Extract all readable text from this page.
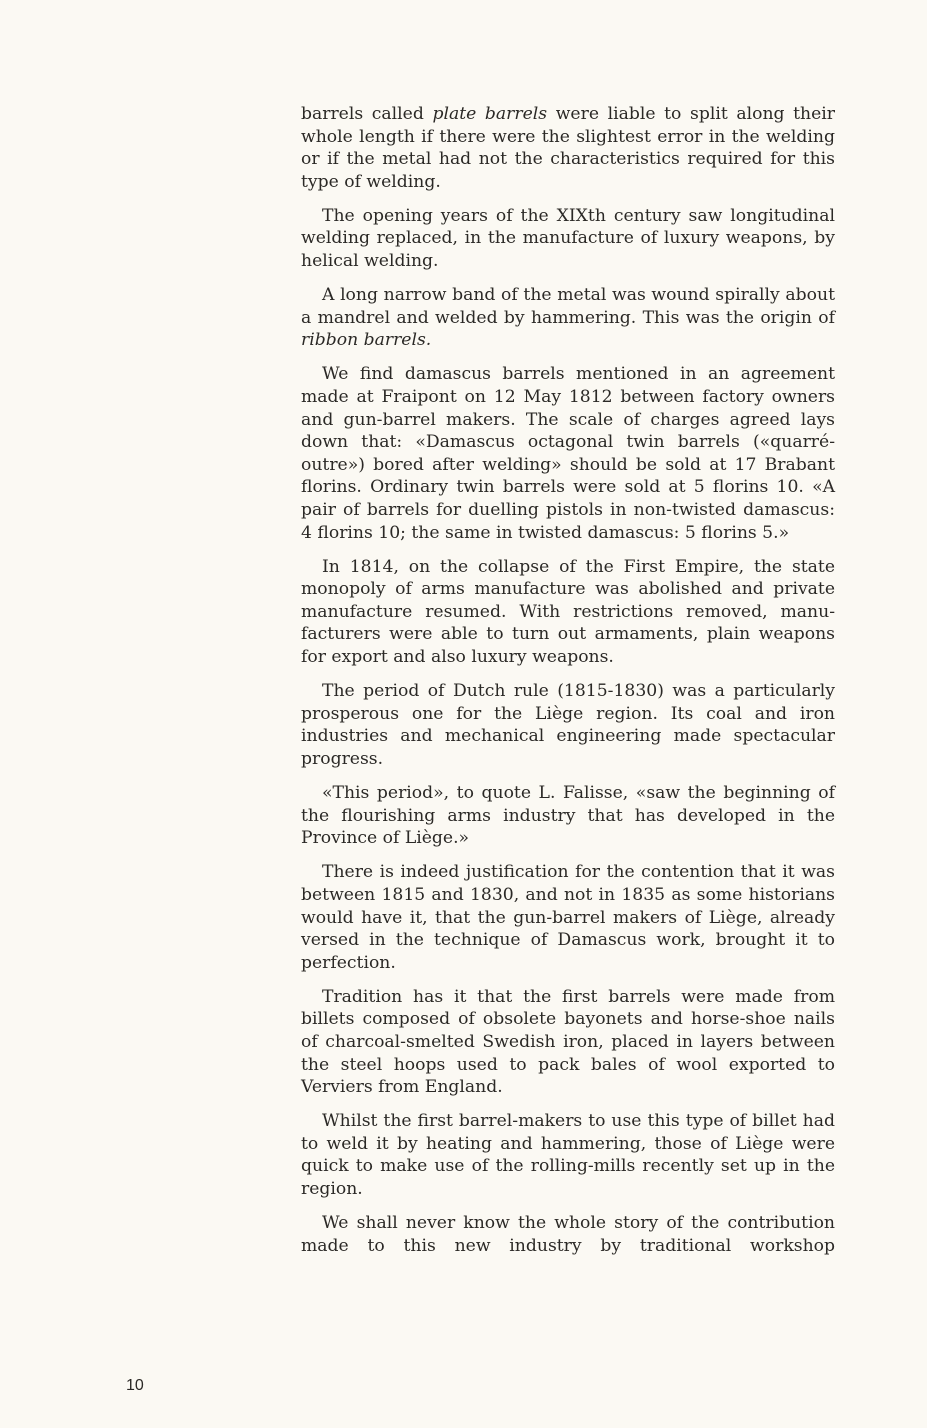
barrels called plate barrels were liable to split along their whole length if there were the slightest error in the welding or if the metal had not the characteristics required for this type of welding.

The opening years of the XIXth century saw longitudinal welding replaced, in the manufacture of luxury weapons, by helical welding.

A long narrow band of the metal was wound spirally about a mandrel and welded by hammering. This was the origin of ribbon barrels.

We find damascus barrels mentioned in an agreement made at Fraipont on 12 May 1812 between factory owners and gun-barrel makers. The scale of charges agreed lays down that: «Damascus octagonal twin barrels («quarréoutre») bored after welding» should be sold at 17 Brabant florins. Ordinary twin barrels were sold at 5 florins 10. «A pair of barrels for duelling pistols in non-twisted damascus: 4 florins 10; the same in twisted damascus: 5 florins 5.»

In 1814, on the collapse of the First Empire, the state monopoly of arms manufacture was abolished and private manufacture resumed. With restrictions removed, manufacturers were able to turn out armaments, plain weapons for export and also luxury weapons.

The period of Dutch rule (1815-1830) was a particularly prosperous one for the Liège region. Its coal and iron industries and mechanical engineering made spectacular progress.

«This period», to quote L. Falisse, «saw the beginning of the flourishing arms industry that has developed in the Province of Liège.»

There is indeed justification for the contention that it was between 1815 and 1830, and not in 1835 as some historians would have it, that the gun-barrel makers of Liège, already versed in the technique of Damascus work, brought it to perfection.

Tradition has it that the first barrels were made from billets composed of obsolete bayonets and horse-shoe nails of charcoal-smelted Swedish iron, placed in layers between the steel hoops used to pack bales of wool exported to Verviers from England.

Whilst the first barrel-makers to use this type of billet had to weld it by heating and hammering, those of Liège were quick to make use of the rolling-mills recently set up in the region.

We shall never know the whole story of the contribution made to this new industry by traditional workshop

10
